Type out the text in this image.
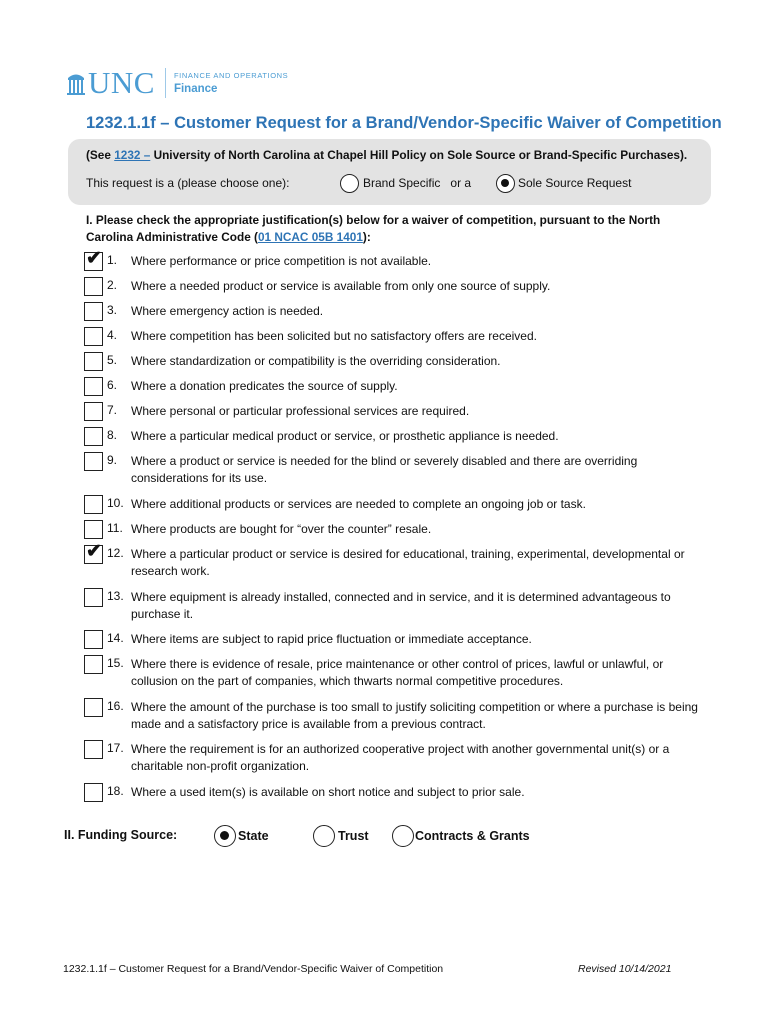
UNC	FINANCE AND OPERATIONS
Finance
1232.1.1f – Customer Request for a Brand/Vendor-Specific Waiver of Competition
(See 1232 – University of North Carolina at Chapel Hill Policy on Sole Source or Brand-Specific Purchases).
This request is a (please choose one):	Brand Specific or a	Sole Source Request
I. Please check the appropriate justification(s) below for a waiver of competition, pursuant to the North Carolina Administrative Code (01 NCAC 05B 1401):
✔ 1. Where performance or price competition is not available.
2. Where a needed product or service is available from only one source of supply.
3. Where emergency action is needed.
4. Where competition has been solicited but no satisfactory offers are received.
5. Where standardization or compatibility is the overriding consideration.
6. Where a donation predicates the source of supply.
7. Where personal or particular professional services are required.
8. Where a particular medical product or service, or prosthetic appliance is needed.
9. Where a product or service is needed for the blind or severely disabled and there are overriding considerations for its use.
10. Where additional products or services are needed to complete an ongoing job or task.
11. Where products are bought for “over the counter” resale.
✔ 12. Where a particular product or service is desired for educational, training, experimental, developmental or research work.
13. Where equipment is already installed, connected and in service, and it is determined advantageous to purchase it.
14. Where items are subject to rapid price fluctuation or immediate acceptance.
15. Where there is evidence of resale, price maintenance or other control of prices, lawful or unlawful, or collusion on the part of companies, which thwarts normal competitive procedures.
16. Where the amount of the purchase is too small to justify soliciting competition or where a purchase is being made and a satisfactory price is available from a previous contract.
17. Where the requirement is for an authorized cooperative project with another governmental unit(s) or a charitable non-profit organization.
18. Where a used item(s) is available on short notice and subject to prior sale.
II. Funding Source:	State	Trust	Contracts & Grants
1232.1.1f – Customer Request for a Brand/Vendor-Specific Waiver of Competition	Revised 10/14/2021
